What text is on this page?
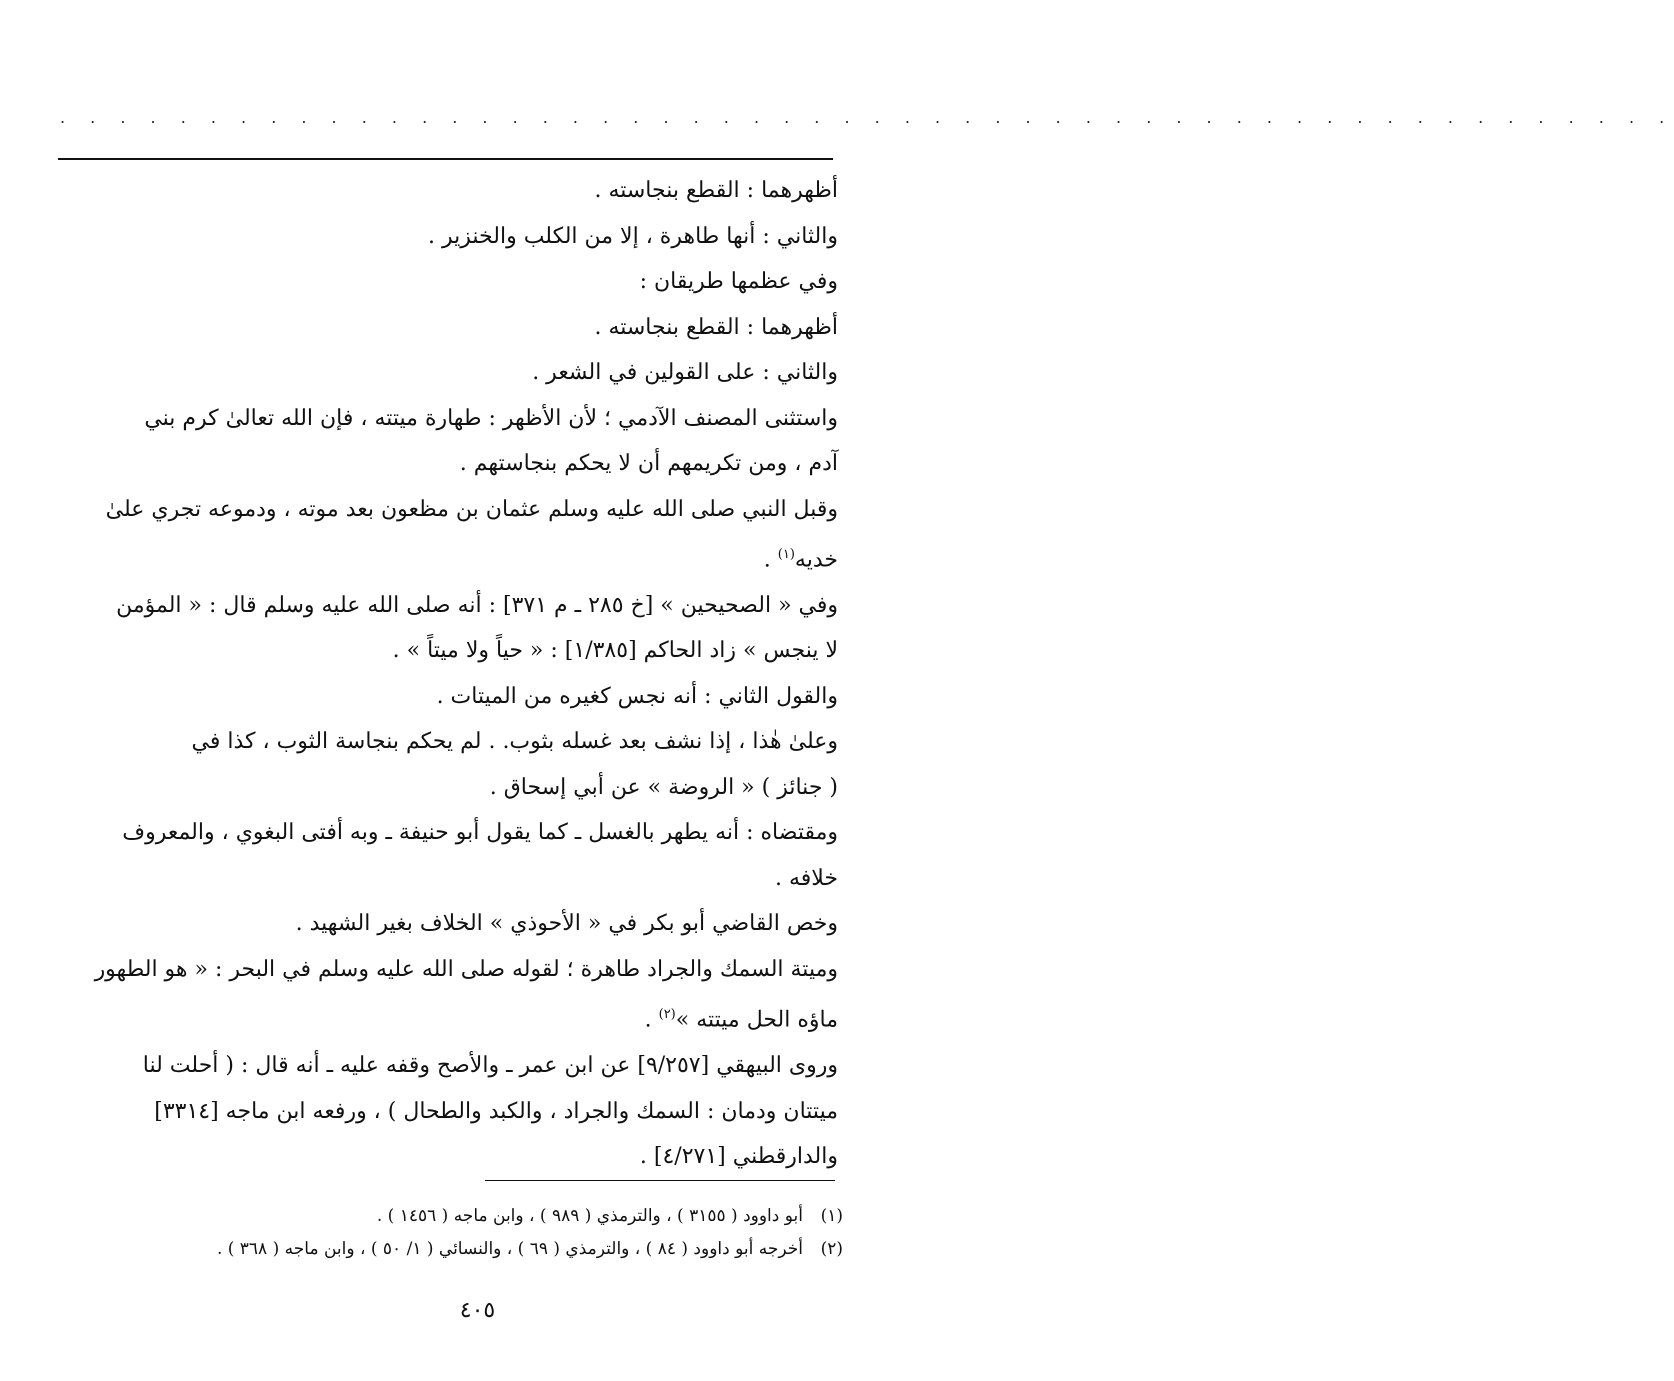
. . . . . . . . . . . . . . . . . . . . . . . . . . . . . . . . . . . . . . . . . . . . . . . . . . . . . .

أظهرهما : القطع بنجاسته .

والثاني : أنها طاهرة ، إلا من الكلب والخنزير .

وفي عظمها طريقان :

أظهرهما : القطع بنجاسته .

والثاني : على القولين في الشعر .

واستثنى المصنف الآدمي ؛ لأن الأظهر : طهارة ميتته ، فإن الله تعالىٰ كرم بني
آدم ، ومن تكريمهم أن لا يحكم بنجاستهم .

وقبل النبي صلى الله عليه وسلم عثمان بن مظعون بعد موته ، ودموعه تجري علىٰ
خديه$^{(١)}$ .

وفي « الصحيحين » [خ ٢٨٥ ـ م ٣٧١] : أنه صلى الله عليه وسلم قال : « المؤمن
لا ينجس » زاد الحاكم [١/٣٨٥] : « حياً ولا ميتاً » .

والقول الثاني : أنه نجس كغيره من الميتات .

وعلىٰ هٰذا ، إذا نشف بعد غسله بثوب. . لم يحكم بنجاسة الثوب ، كذا في
( جنائز ) « الروضة » عن أبي إسحاق .

ومقتضاه : أنه يطهر بالغسل ـ كما يقول أبو حنيفة ـ وبه أفتى البغوي ، والمعروف
خلافه .

وخص القاضي أبو بكر في « الأحوذي » الخلاف بغير الشهيد .

وميتة السمك والجراد طاهرة ؛ لقوله صلى الله عليه وسلم في البحر : « هو الطهور
ماؤه الحل ميتته »$^{(٢)}$ .

وروى البيهقي [٩/٢٥٧] عن ابن عمر ـ والأصح وقفه عليه ـ أنه قال : ( أحلت لنا
ميتتان ودمان : السمك والجراد ، والكبد والطحال ) ، ورفعه ابن ماجه [٣٣١٤]
والدارقطني [٤/٢٧١] .

(١)أبو داوود ( ٣١٥٥ ) ، والترمذي ( ٩٨٩ ) ، وابن ماجه ( ١٤٥٦ ) .
(٢)أخرجه أبو داوود ( ٨٤ ) ، والترمذي ( ٦٩ ) ، والنسائي ( ١/ ٥٠ ) ، وابن ماجه ( ٣٦٨ ) .
٤٠٥
